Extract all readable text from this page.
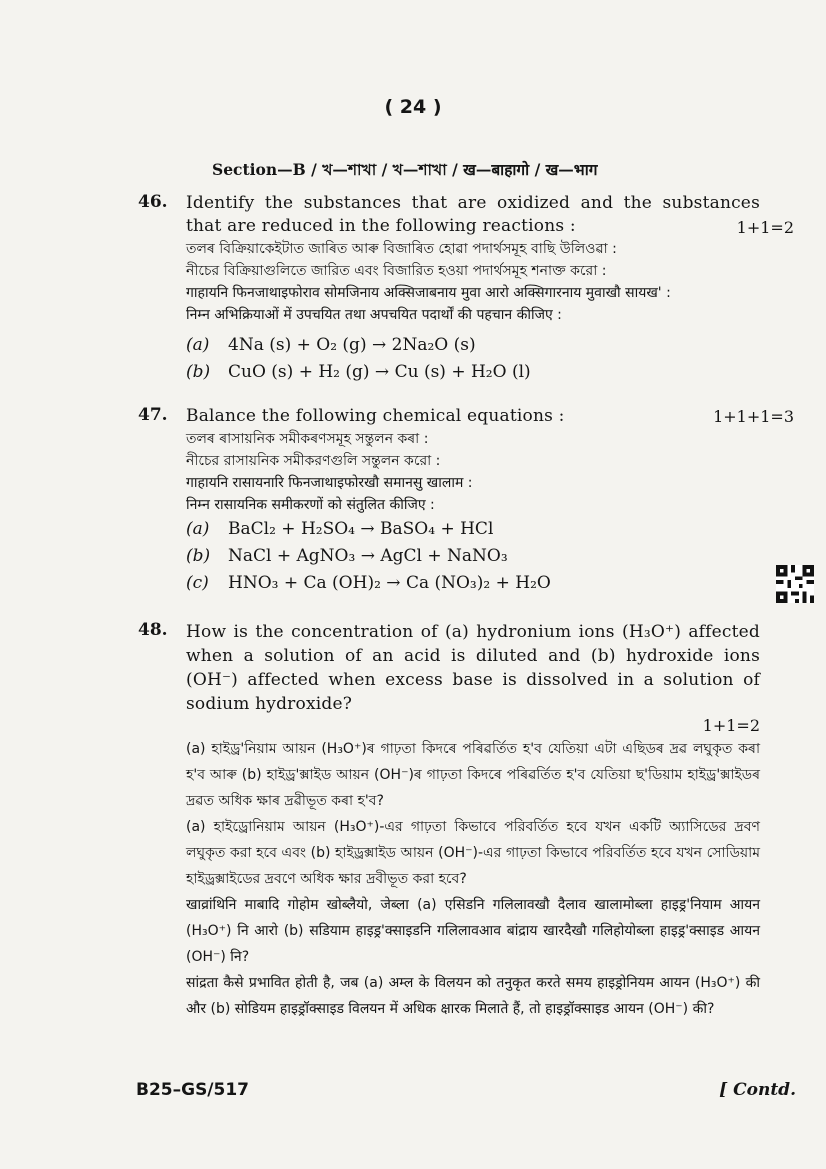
( 24 )
Section—B / খ—শাখা / খ—শাখা / ख—बाहागो / ख—भाग
46. Identify the substances that are oxidized and the substances that are reduced in the following reactions :	1+1=2
তলৰ বিক্ৰিয়াকেইটাত জাৰিত আৰু বিজাৰিত হোৱা পদাৰ্থসমূহ বাছি উলিওৱা :
নীচের বিক্রিয়াগুলিতে জারিত এবং বিজারিত হওয়া পদার্থসমূহ শনাক্ত করো :
गाहायनि फिनजाथाइफोराव सोमजिनाय अक्सिजाबनाय मुवा आरो अक्सिगारनाय मुवाखौ सायख' :
निम्न अभिक्रियाओं में उपचयित तथा अपचयित पदार्थों की पहचान कीजिए :
(a)	4Na (s) + O₂ (g) → 2Na₂O (s)
(b)	CuO (s) + H₂ (g) → Cu (s) + H₂O (l)
47. Balance the following chemical equations :	1+1+1=3
তলৰ ৰাসায়নিক সমীকৰণসমূহ সন্তুলন কৰা :
নীচের রাসায়নিক সমীকরণগুলি সন্তুলন করো :
गाहायनि रासायनारि फिनजाथाइफोरखौ समानसु खालाम :
निम्न रासायनिक समीकरणों को संतुलित कीजिए :
(a)	BaCl₂ + H₂SO₄ → BaSO₄ + HCl
(b)	NaCl + AgNO₃ → AgCl + NaNO₃
(c)	HNO₃ + Ca (OH)₂ → Ca (NO₃)₂ + H₂O
48. How is the concentration of (a) hydronium ions (H₃O⁺) affected when a solution of an acid is diluted and (b) hydroxide ions (OH⁻) affected when excess base is dissolved in a solution of sodium hydroxide?
1+1=2
(a) হাইড্ৰ'নিয়াম আয়ন (H₃O⁺)ৰ গাঢ়তা কিদৰে পৰিৱৰ্তিত হ'ব যেতিয়া এটা এছিডৰ দ্ৰৱ লঘুকৃত কৰা হ'ব আৰু (b) হাইড্ৰ'ক্সাইড আয়ন (OH⁻)ৰ গাঢ়তা কিদৰে পৰিৱৰ্তিত হ'ব যেতিয়া ছ'ডিয়াম হাইড্ৰ'ক্সাইডৰ দ্ৰৱত অধিক ক্ষাৰ দ্ৰৱীভূত কৰা হ'ব?
(a) হাইড্রোনিয়াম আয়ন (H₃O⁺)-এর গাঢ়তা কিভাবে পরিবর্তিত হবে যখন একটি অ্যাসিডের দ্রবণ লঘুকৃত করা হবে এবং (b) হাইড্রক্সাইড আয়ন (OH⁻)-এর গাঢ়তা কিভাবে পরিবর্তিত হবে যখন সোডিয়াম হাইড্রক্সাইডের দ্রবণে অধিক ক্ষার দ্রবীভূত করা হবে?
खाव्रांथिनि माबादि गोहोम खोब्लैयो, जेब्ला (a) एसिडनि गलिलावखौ दैलाव खालामोब्ला हाइड्र'नियाम आयन (H₃O⁺) नि आरो (b) सडियाम हाइड्र'क्साइडनि गलिलावआव बांद्राय खारदैखौ गलिहोयोब्ला हाइड्र'क्साइड आयन (OH⁻) नि?
सांद्रता कैसे प्रभावित होती है, जब (a) अम्ल के विलयन को तनुकृत करते समय हाइड्रोनियम आयन (H₃O⁺) की और (b) सोडियम हाइड्रॉक्साइड विलयन में अधिक क्षारक मिलाते हैं, तो हाइड्रॉक्साइड आयन (OH⁻) की?
B25–GS/517	[ Contd.
